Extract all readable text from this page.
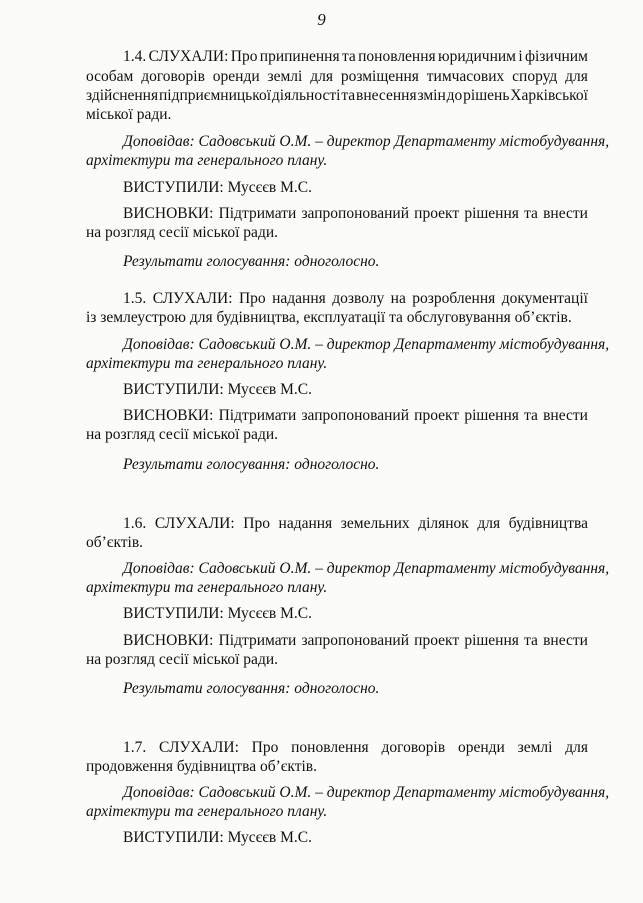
9
1.4. СЛУХАЛИ: Про припинення та поновлення юридичним і фізичним
особам договорів оренди землі для розміщення тимчасових споруд для
здійснення підприємницької діяльності та внесення змін до рішень Харківської
міської ради.
Доповідав: Садовський О.М. – директор Департаменту містобудування,
архітектури та генерального плану.
ВИСТУПИЛИ: Мусєєв М.С.
ВИСНОВКИ: Підтримати запропонований проект рішення та внести
на розгляд сесії міської ради.
Результати голосування: одноголосно.
1.5. СЛУХАЛИ: Про надання дозволу на розроблення документації
із землеустрою для будівництва, експлуатації та обслуговування об’єктів.
Доповідав: Садовський О.М. – директор Департаменту містобудування,
архітектури та генерального плану.
ВИСТУПИЛИ: Мусєєв М.С.
ВИСНОВКИ: Підтримати запропонований проект рішення та внести
на розгляд сесії міської ради.
Результати голосування: одноголосно.
1.6. СЛУХАЛИ: Про надання земельних ділянок для будівництва
об’єктів.
Доповідав: Садовський О.М. – директор Департаменту містобудування,
архітектури та генерального плану.
ВИСТУПИЛИ: Мусєєв М.С.
ВИСНОВКИ: Підтримати запропонований проект рішення та внести
на розгляд сесії міської ради.
Результати голосування: одноголосно.
1.7. СЛУХАЛИ: Про поновлення договорів оренди землі для
продовження будівництва об’єктів.
Доповідав: Садовський О.М. – директор Департаменту містобудування,
архітектури та генерального плану.
ВИСТУПИЛИ: Мусєєв М.С.
